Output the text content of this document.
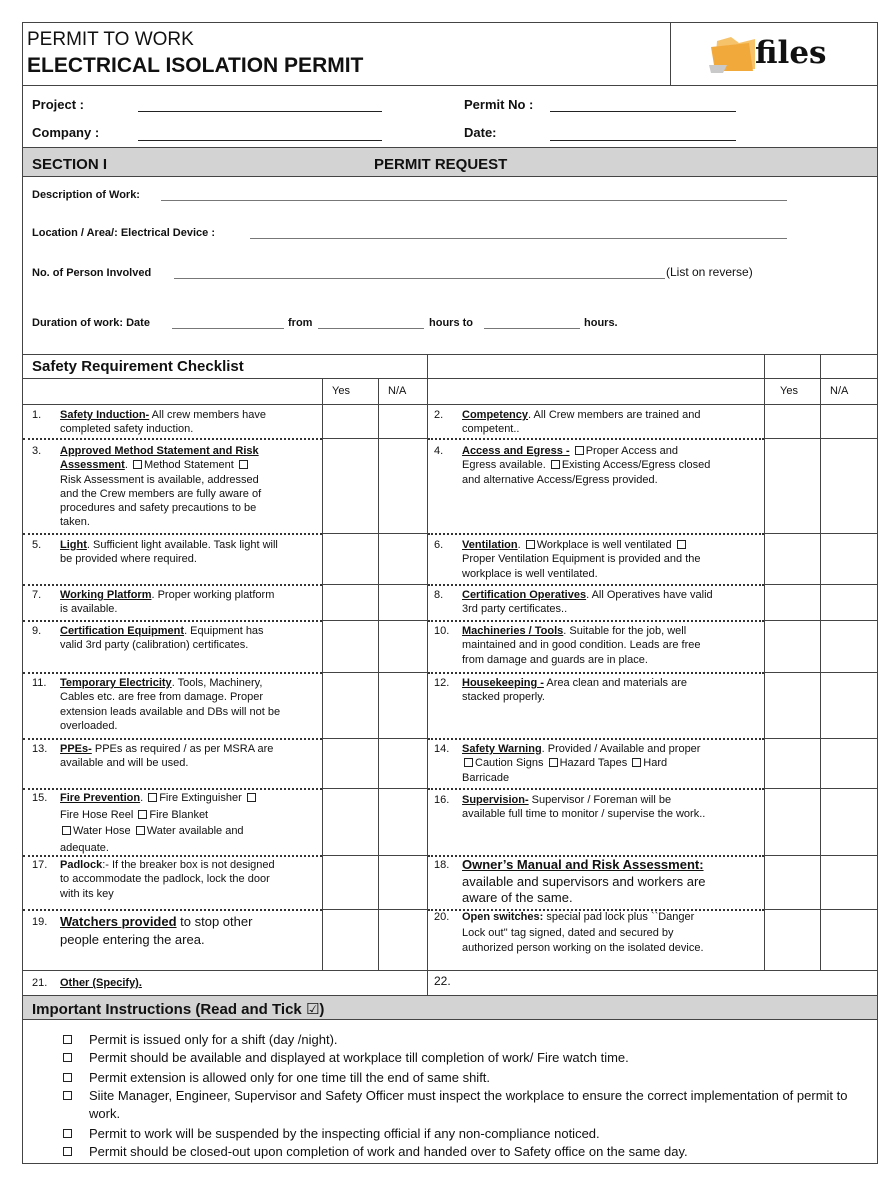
PERMIT TO WORK
ELECTRICAL ISOLATION PERMIT	files
Project :	Permit No :
Company :	Date:
SECTION I	PERMIT REQUEST
Description of Work:
Location / Area/: Electrical Device :
No. of Person Involved	(List on reverse)
Duration of work: Date	from	hours to	hours.
Safety Requirement Checklist
Yes	N/A	Yes	N/A
1. Safety Induction- All crew members have
completed safety induction.
2. Competency. All Crew members are trained and
competent..
3. Approved Method Statement and Risk
Assessment. Method Statement
Risk Assessment is available, addressed
and the Crew members are fully aware of
procedures and safety precautions to be
taken.
4. Access and Egress - Proper Access and
Egress available. Existing Access/Egress closed
and alternative Access/Egress provided.
5. Light. Sufficient light available. Task light will
be provided where required.
6. Ventilation. Workplace is well ventilated
Proper Ventilation Equipment is provided and the
workplace is well ventilated.
7. Working Platform. Proper working platform
is available.
8. Certification Operatives. All Operatives have valid
3rd party certificates..
9. Certification Equipment. Equipment has
valid 3rd party (calibration) certificates.
10. Machineries / Tools. Suitable for the job, well
maintained and in good condition. Leads are free
from damage and guards are in place.
11. Temporary Electricity. Tools, Machinery,
Cables etc. are free from damage. Proper
extension leads available and DBs will not be
overloaded.
12. Housekeeping - Area clean and materials are
stacked properly.
13. PPEs- PPEs as required / as per MSRA are
available and will be used.
14. Safety Warning. Provided / Available and proper
Caution Signs Hazard Tapes Hard
Barricade
15. Fire Prevention. Fire Extinguisher
Fire Hose Reel Fire Blanket
Water Hose Water available and
adequate.
16. Supervision- Supervisor / Foreman will be
available full time to monitor / supervise the work..
17. Padlock:- If the breaker box is not designed
to accommodate the padlock, lock the door
with its key
18. Owner’s Manual and Risk Assessment:
available and supervisors and workers are
aware of the same.
19. Watchers provided to stop other
people entering the area.
20. Open switches: special pad lock plus ``Danger
Lock out'' tag signed, dated and secured by
authorized person working on the isolated device.
21. Other (Specify).	22.
Important Instructions (Read and Tick ☑)
Permit is issued only for a shift (day /night).
Permit should be available and displayed at workplace till completion of work/ Fire watch time.
Permit extension is allowed only for one time till the end of same shift.
Siite Manager, Engineer, Supervisor and Safety Officer must inspect the workplace to ensure the correct implementation of permit to work.
Permit to work will be suspended by the inspecting official if any non-compliance noticed.
Permit should be closed-out upon completion of work and handed over to Safety office on the same day.
